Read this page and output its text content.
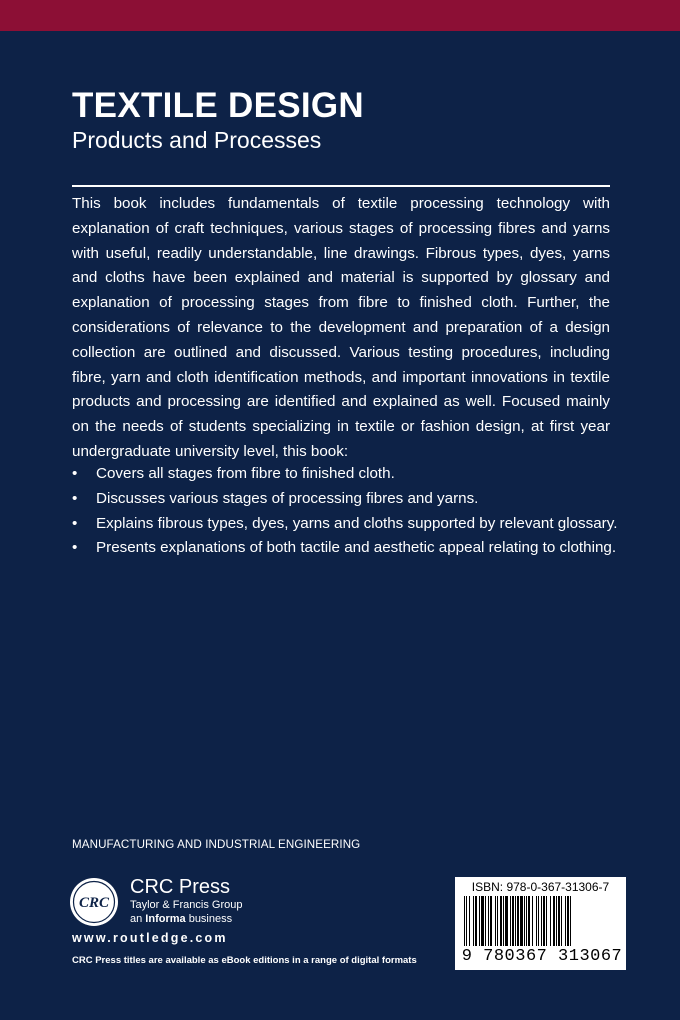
TEXTILE DESIGN
Products and Processes

This book includes fundamentals of textile processing technology with explanation of craft techniques, various stages of processing fibres and yarns with useful, readily understandable, line drawings. Fibrous types, dyes, yarns and cloths have been explained and material is supported by glossary and explanation of processing stages from fibre to finished cloth. Further, the considerations of relevance to the development and preparation of a design collection are outlined and discussed. Various testing procedures, including fibre, yarn and cloth identification methods, and important innovations in textile products and processing are identified and explained as well. Focused mainly on the needs of students specializing in textile or fashion design, at first year undergraduate university level, this book:

• Covers all stages from fibre to finished cloth.
• Discusses various stages of processing fibres and yarns.
• Explains fibrous types, dyes, yarns and cloths supported by relevant glossary.
• Presents explanations of both tactile and aesthetic appeal relating to clothing.
MANUFACTURING AND INDUSTRIAL ENGINEERING
CRC
CRC Press
Taylor & Francis Group
an Informa business
www.routledge.com
CRC Press titles are available as eBook editions in a range of digital formats
ISBN: 978-0-367-31306-7
9 780367 313067
